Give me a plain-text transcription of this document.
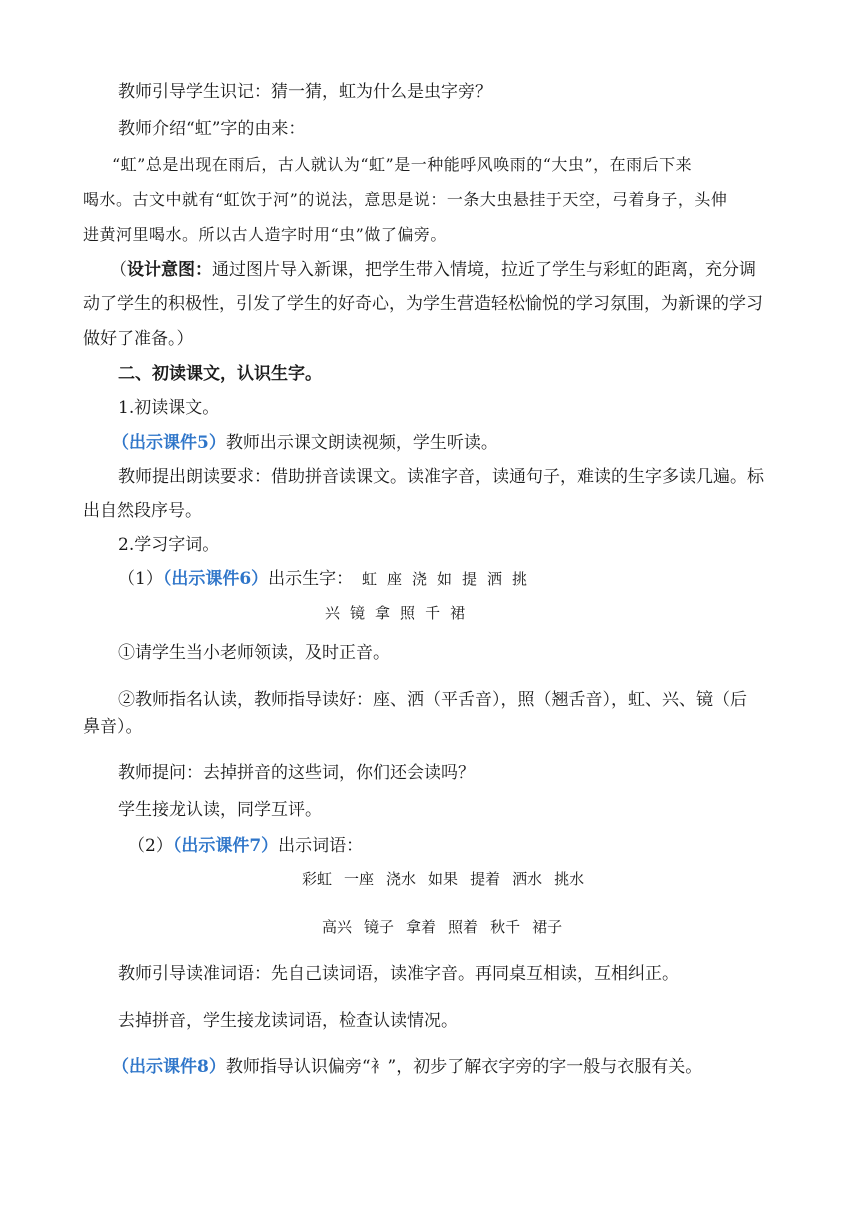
教师引导学生识记：猜一猜，虹为什么是虫字旁？
教师介绍“虹”字的由来：
“虹”总是出现在雨后，古人就认为“虹”是一种能呼风唤雨的“大虫”，在雨后下来
喝水。古文中就有“虹饮于河”的说法，意思是说：一条大虫悬挂于天空，弓着身子，头伸
进黄河里喝水。所以古人造字时用“虫”做了偏旁。
（设计意图：通过图片导入新课，把学生带入情境，拉近了学生与彩虹的距离，充分调
动了学生的积极性，引发了学生的好奇心，为学生营造轻松愉悦的学习氛围，为新课的学习
做好了准备。）
二、初读课文，认识生字。
1.初读课文。
（出示课件5）教师出示课文朗读视频，学生听读。
教师提出朗读要求：借助拼音读课文。读准字音，读通句子，难读的生字多读几遍。标
出自然段序号。
2.学习字词。
（1）（出示课件6）出示生字： 虹 座 浇 如 提 洒 挑
兴 镜 拿 照 千 裙
①请学生当小老师领读，及时正音。
②教师指名认读，教师指导读好：座、洒（平舌音），照（翘舌音），虹、兴、镜（后
鼻音）。
教师提问：去掉拼音的这些词，你们还会读吗？
学生接龙认读，同学互评。
（2）（出示课件7）出示词语：
彩虹 一座 浇水 如果 提着 洒水 挑水
高兴 镜子 拿着 照着 秋千 裙子
教师引导读准词语：先自己读词语，读准字音。再同桌互相读，互相纠正。
去掉拼音，学生接龙读词语，检查认读情况。
（出示课件8）教师指导认识偏旁“衤”，初步了解衣字旁的字一般与衣服有关。
